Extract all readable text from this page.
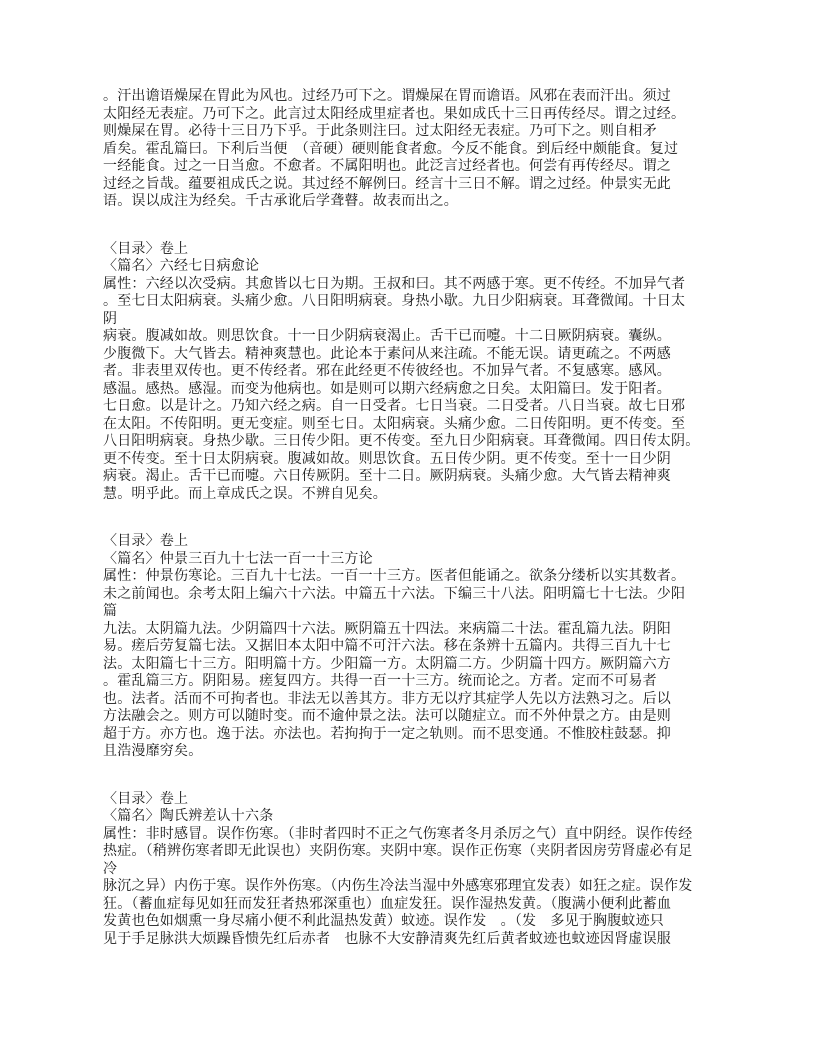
。汗出谵语燥屎在胃此为风也。过经乃可下之。谓燥屎在胃而谵语。风邪在表而汗出。须过
太阳经无表症。乃可下之。此言过太阳经成里症者也。果如成氏十三日再传经尽。谓之过经。
则燥屎在胃。必待十三日乃下乎。于此条则注曰。过太阳经无表症。乃可下之。则自相矛
盾矣。霍乱篇曰。下利后当便　（音硬）硬则能食者愈。今反不能食。到后经中颇能食。复过
一经能食。过之一日当愈。不愈者。不属阳明也。此泛言过经者也。何尝有再传经尽。谓之
过经之旨哉。蕴要祖成氏之说。其过经不解例曰。经言十三日不解。谓之过经。仲景实无此
语。误以成注为经矣。千古承讹后学聋瞽。故表而出之。
〈目录〉卷上
〈篇名〉六经七日病愈论
属性：六经以次受病。其愈皆以七日为期。王叔和曰。其不两感于寒。更不传经。不加异气者
。至七日太阳病衰。头痛少愈。八日阳明病衰。身热小歇。九日少阳病衰。耳聋微闻。十日太
阴
病衰。腹减如故。则思饮食。十一日少阴病衰渴止。舌干已而嚏。十二日厥阴病衰。囊纵。
少腹微下。大气皆去。精神爽慧也。此论本于素问从来注疏。不能无误。请更疏之。不两感
者。非表里双传也。更不传经者。邪在此经更不传彼经也。不加异气者。不复感寒。感风。
感温。感热。感湿。而变为他病也。如是则可以期六经病愈之日矣。太阳篇曰。发于阳者。
七日愈。以是计之。乃知六经之病。自一日受者。七日当衰。二日受者。八日当衰。故七日邪
在太阳。不传阳明。更无变症。则至七日。太阳病衰。头痛少愈。二日传阳明。更不传变。至
八日阳明病衰。身热少歇。三日传少阳。更不传变。至九日少阳病衰。耳聋微闻。四日传太阴。
更不传变。至十日太阴病衰。腹减如故。则思饮食。五日传少阴。更不传变。至十一日少阴
病衰。渴止。舌干已而嚏。六日传厥阴。至十二日。厥阴病衰。头痛少愈。大气皆去精神爽
慧。明乎此。而上章成氏之误。不辨自见矣。
〈目录〉卷上
〈篇名〉仲景三百九十七法一百一十三方论
属性：仲景伤寒论。三百九十七法。一百一十三方。医者但能诵之。欲条分缕析以实其数者。
未之前闻也。余考太阳上编六十六法。中篇五十六法。下编三十八法。阳明篇七十七法。少阳
篇
九法。太阴篇九法。少阴篇四十六法。厥阴篇五十四法。来病篇二十法。霍乱篇九法。阴阳
易。瘥后劳复篇七法。又据旧本太阳中篇不可汗六法。移在条辨十五篇内。共得三百九十七
法。太阳篇七十三方。阳明篇十方。少阳篇一方。太阴篇二方。少阴篇十四方。厥阴篇六方
。霍乱篇三方。阴阳易。瘥复四方。共得一百一十三方。统而论之。方者。定而不可易者
也。法者。活而不可拘者也。非法无以善其方。非方无以疗其症学人先以方法熟习之。后以
方法融会之。则方可以随时变。而不逾仲景之法。法可以随症立。而不外仲景之方。由是则
超于方。亦方也。逸于法。亦法也。若拘拘于一定之轨则。而不思变通。不惟胶柱鼓瑟。抑
且浩漫靡穷矣。
〈目录〉卷上
〈篇名〉陶氏辨差认十六条
属性：非时感冒。误作伤寒。（非时者四时不正之气伤寒者冬月杀厉之气）直中阴经。误作传经
热症。（稍辨伤寒者即无此误也）夹阴伤寒。夹阴中寒。误作正伤寒（夹阴者因房劳肾虚必有足
冷
脉沉之异）内伤于寒。误作外伤寒。（内伤生冷法当湿中外感寒邪理宜发表）如狂之症。误作发
狂。（蓄血症每见如狂而发狂者热邪深重也）血症发狂。误作湿热发黄。（腹满小便利此蓄血
发黄也色如烟熏一身尽痛小便不利此温热发黄）蚊迹。误作发　。（发　多见于胸腹蚊迹只
见于手足脉洪大烦躁昏愦先红后赤者　也脉不大安静清爽先红后黄者蚊迹也蚊迹因肾虚误服
